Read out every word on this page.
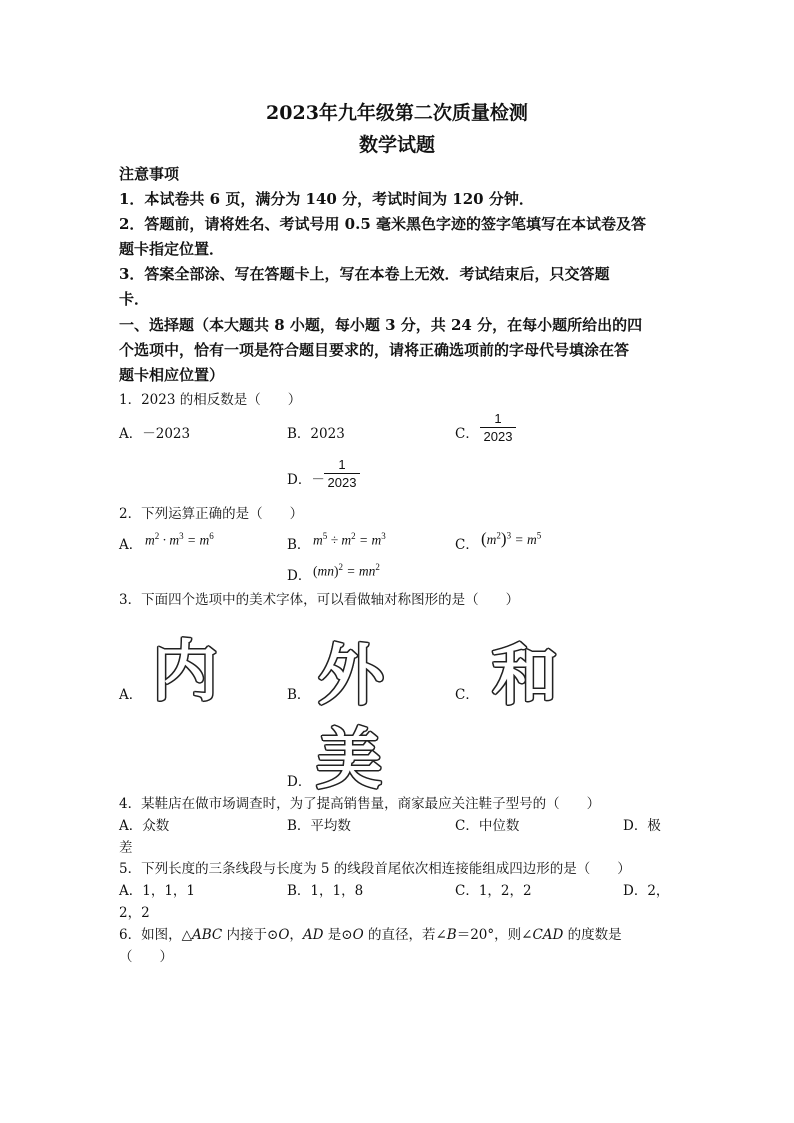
2023年九年级第二次质量检测
数学试题
注意事项
1．本试卷共 6 页，满分为 140 分，考试时间为 120 分钟．
2．答题前，请将姓名、考试号用 0.5 毫米黑色字迹的签字笔填写在本试卷及答
题卡指定位置．
3．答案全部涂、写在答题卡上，写在本卷上无效．考试结束后，只交答题
卡．
一、选择题（本大题共 8 小题，每小题 3 分，共 24 分，在每小题所给出的四
个选项中，恰有一项是符合题目要求的，请将正确选项前的字母代号填涂在答
题卡相应位置）
1．2023 的相反数是（　　）
A．－2023	B．2023	C．
1
2023
D．－
1
2023
2．下列运算正确的是（　　）
A． $m^2 \cdot m^3 = m^6$
B． $m^5 \div m^2 = m^3$
C． $(m^2)^3 = m^5$
D． $(mn)^2 = mn^2$
3．下面四个选项中的美术字体，可以看做轴对称图形的是（　　）
内
A．	外
B．	和
C．
美
D．
4．某鞋店在做市场调查时，为了提高销售量，商家最应关注鞋子型号的（　　）
A．众数	B．平均数	C．中位数	D．极
差
5．下列长度的三条线段与长度为 5 的线段首尾依次相连接能组成四边形的是（　　）
A．1，1，1	B．1，1，8	C．1，2，2	D．2，
2，2
6．如图，△ABC 内接于⊙O，AD 是⊙O 的直径，若∠B＝20°，则∠CAD 的度数是
（　　）
